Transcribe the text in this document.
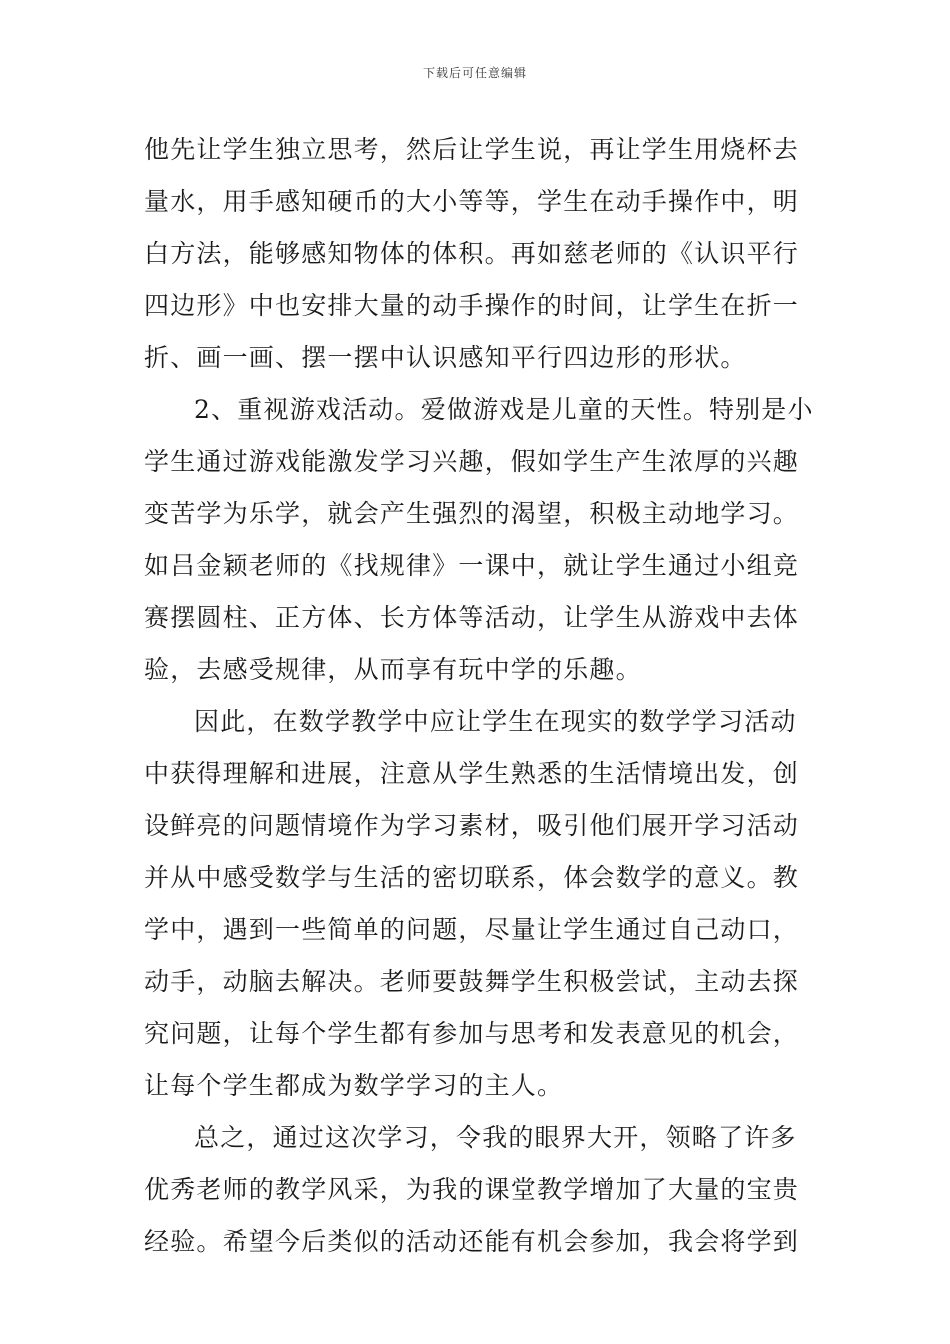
下载后可任意编辑
他先让学生独立思考，然后让学生说，再让学生用烧杯去
量水，用手感知硬币的大小等等，学生在动手操作中，明
白方法，能够感知物体的体积。再如慈老师的《认识平行
四边形》中也安排大量的动手操作的时间，让学生在折一
折、画一画、摆一摆中认识感知平行四边形的形状。
2、重视游戏活动。爱做游戏是儿童的天性。特别是小
学生通过游戏能激发学习兴趣，假如学生产生浓厚的兴趣
变苦学为乐学，就会产生强烈的渴望，积极主动地学习。
如吕金颖老师的《找规律》一课中，就让学生通过小组竞
赛摆圆柱、正方体、长方体等活动，让学生从游戏中去体
验，去感受规律，从而享有玩中学的乐趣。
因此，在数学教学中应让学生在现实的数学学习活动
中获得理解和进展，注意从学生熟悉的生活情境出发，创
设鲜亮的问题情境作为学习素材，吸引他们展开学习活动
并从中感受数学与生活的密切联系，体会数学的意义。教
学中，遇到一些简单的问题，尽量让学生通过自己动口，
动手，动脑去解决。老师要鼓舞学生积极尝试，主动去探
究问题，让每个学生都有参加与思考和发表意见的机会，
让每个学生都成为数学学习的主人。
总之，通过这次学习，令我的眼界大开，领略了许多
优秀老师的教学风采，为我的课堂教学增加了大量的宝贵
经验。希望今后类似的活动还能有机会参加，我会将学到
